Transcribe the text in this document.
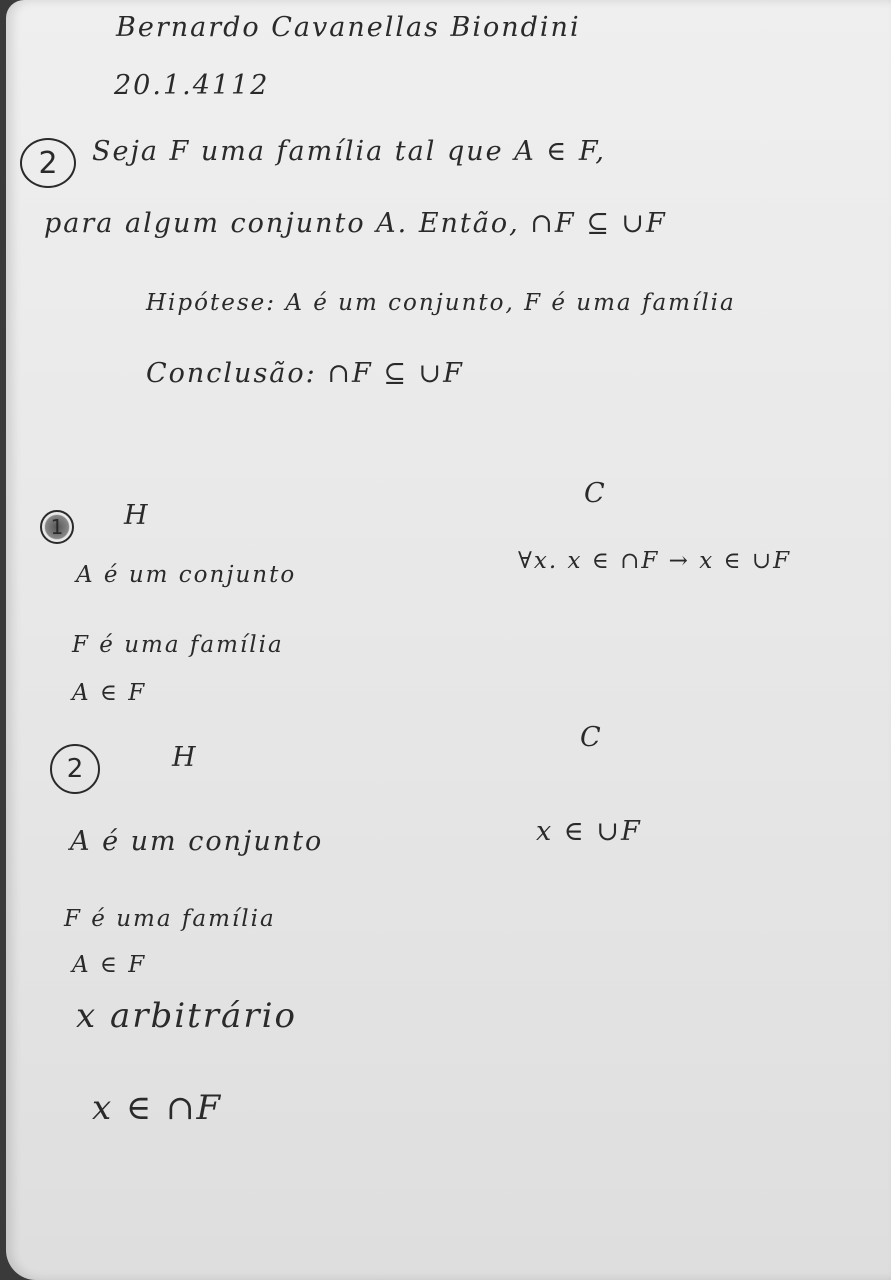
Bernardo Cavanellas Biondini

20.1.4112

2 Seja F uma família tal que A ∈ F,

para algum conjunto A. Então, ∩F ⊆ ∪F

Hipótese: A é um conjunto, F é uma família

Conclusão: ∩F ⊆ ∪F

1 H

C

A é um conjunto

F é uma família

A ∈ F

∀x. x ∈ ∩F → x ∈ ∪F

2	H

C

A é um conjunto

F é uma família

A ∈ F

x arbitrário

x ∈ ∩F

x ∈ ∪F
